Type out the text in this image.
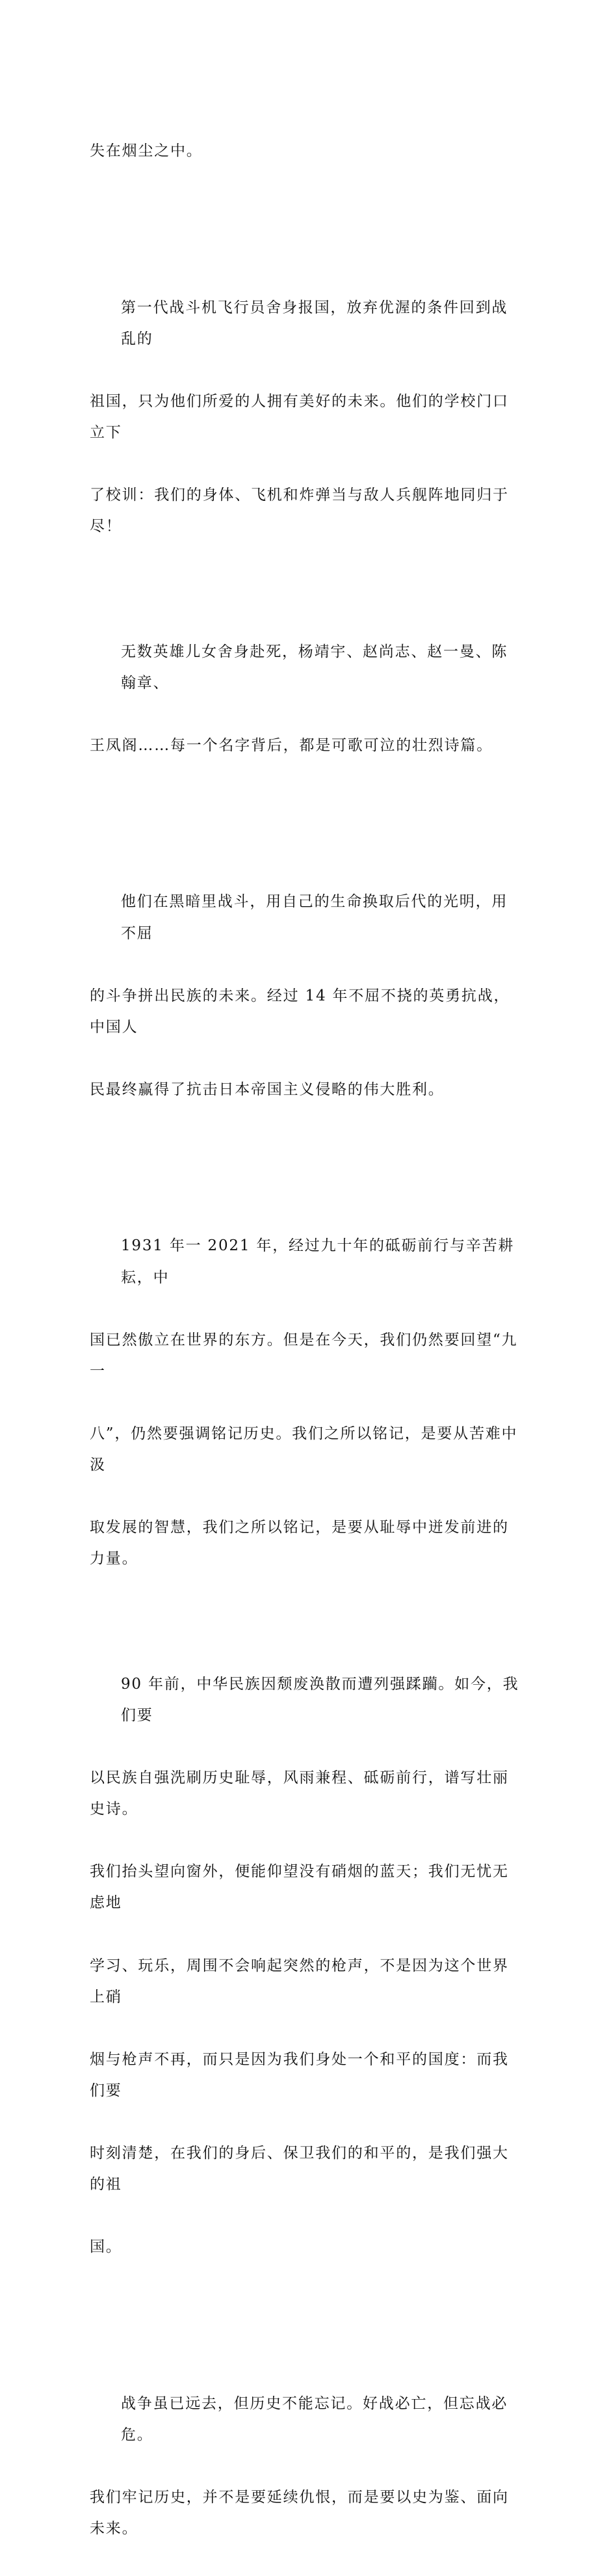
失在烟尘之中。

第一代战斗机飞行员舍身报国，放弃优渥的条件回到战乱的

祖国，只为他们所爱的人拥有美好的未来。他们的学校门口立下

了校训：我们的身体、飞机和炸弹当与敌人兵舰阵地同归于尽！

无数英雄儿女舍身赴死，杨靖宇、赵尚志、赵一曼、陈翰章、

王凤阁……每一个名字背后，都是可歌可泣的壮烈诗篇。

他们在黑暗里战斗，用自己的生命换取后代的光明，用不屈

的斗争拼出民族的未来。经过 14 年不屈不挠的英勇抗战，中国人

民最终赢得了抗击日本帝国主义侵略的伟大胜利。

1931 年一 2021 年，经过九十年的砥砺前行与辛苦耕耘，中

国已然傲立在世界的东方。但是在今天，我们仍然要回望“九一

八”，仍然要强调铭记历史。我们之所以铭记，是要从苦难中汲

取发展的智慧，我们之所以铭记，是要从耻辱中迸发前进的力量。

90 年前，中华民族因颓废涣散而遭列强蹂躏。如今，我们要

以民族自强洗刷历史耻辱，风雨兼程、砥砺前行，谱写壮丽史诗。

我们抬头望向窗外，便能仰望没有硝烟的蓝天；我们无忧无虑地

学习、玩乐，周围不会响起突然的枪声，不是因为这个世界上硝

烟与枪声不再，而只是因为我们身处一个和平的国度：而我们要

时刻清楚，在我们的身后、保卫我们的和平的，是我们强大的祖

国。

战争虽已远去，但历史不能忘记。好战必亡，但忘战必危。

我们牢记历史，并不是要延续仇恨，而是要以史为鉴、面向未来。
